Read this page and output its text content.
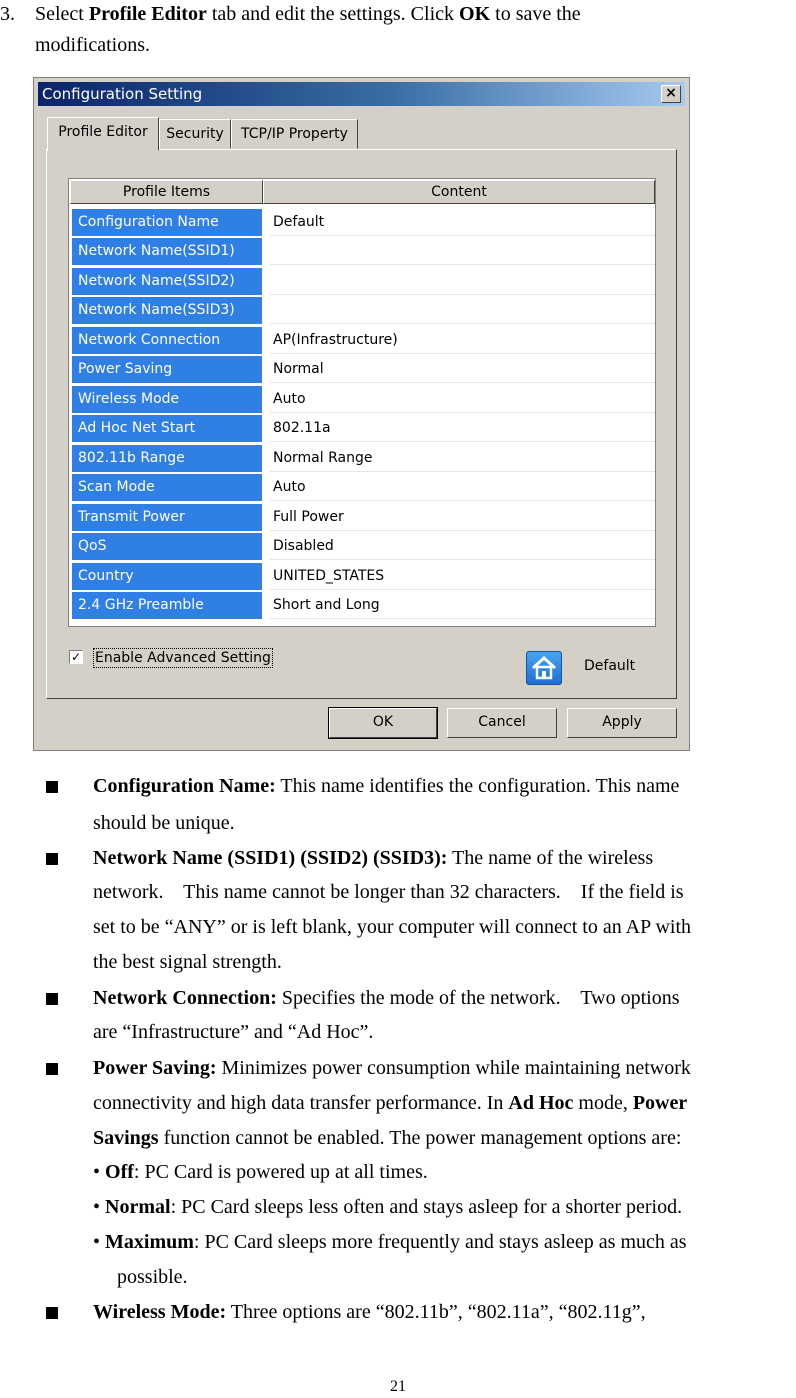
3. Select Profile Editor tab and edit the settings. Click OK to save the
modifications.
Configuration Setting	×
Profile Editor	Security	TCP/IP Property
Profile Items	Content
Configuration Name	Default
Network Name(SSID1)
Network Name(SSID2)
Network Name(SSID3)
Network Connection	AP(Infrastructure)
Power Saving	Normal
Wireless Mode	Auto
Ad Hoc Net Start	802.11a
802.11b Range	Normal Range
Scan Mode	Auto
Transmit Power	Full Power
QoS	Disabled
Country	UNITED_STATES
2.4 GHz Preamble	Short and Long
✓ Enable Advanced Setting	Default
OK	Cancel	Apply
Configuration Name: This name identifies the configuration. This name
should be unique.
Network Name (SSID1) (SSID2) (SSID3): The name of the wireless
network.    This name cannot be longer than 32 characters.    If the field is
set to be “ANY” or is left blank, your computer will connect to an AP with
the best signal strength.
Network Connection: Specifies the mode of the network.    Two options
are “Infrastructure” and “Ad Hoc”.
Power Saving: Minimizes power consumption while maintaining network
connectivity and high data transfer performance. In Ad Hoc mode, Power
Savings function cannot be enabled. The power management options are:
• Off: PC Card is powered up at all times.
• Normal: PC Card sleeps less often and stays asleep for a shorter period.
• Maximum: PC Card sleeps more frequently and stays asleep as much as
possible.
Wireless Mode: Three options are “802.11b”, “802.11a”, “802.11g”,
21
